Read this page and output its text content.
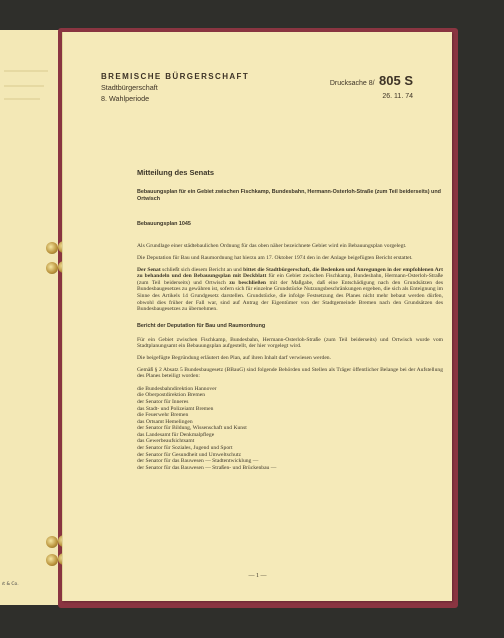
ıt & Co.
BREMISCHE BÜRGERSCHAFT
Stadtbürgerschaft
8. Wahlperiode
Drucksache 8/ 805 S
26. 11. 74
Mitteilung des Senats
Bebauungsplan für ein Gebiet zwischen Fischkamp, Bundesbahn, Hermann-Osterloh-Straße (zum Teil beiderseits) und Ortwisch
Bebauungsplan 1045

Als Grundlage einer städtebaulichen Ordnung für das oben näher bezeichnete Gebiet wird ein Bebauungsplan vorgelegt.

Die Deputation für Bau und Raumordnung hat hierzu am 17. Oktober 1974 den in der Anlage beigefügten Bericht erstattet.

Der Senat schließt sich diesem Bericht an und bittet die Stadtbürgerschaft, die Bedenken und Anregungen in der empfohlenen Art zu behandeln und den Bebauungsplan mit Deckblatt für ein Gebiet zwischen Fischkamp, Bundesbahn, Hermann-Osterloh-Straße (zum Teil beiderseits) und Ortwisch zu beschließen mit der Maßgabe, daß eine Entschädigung nach den Grundsätzen des Bundesbaugesetzes zu gewähren ist, sofern sich für einzelne Grundstücke Nutzungsbeschränkungen ergeben, die sich als Enteignung im Sinne des Artikels 14 Grundgesetz darstellen. Grundstücke, die infolge Festsetzung des Planes nicht mehr bebaut werden dürfen, obwohl dies früher der Fall war, sind auf Antrag der Eigentümer von der Stadtgemeinde Bremen nach den Grundsätzen des Bundesbaugesetzes zu übernehmen.

Bericht der Deputation für Bau und Raumordnung

Für ein Gebiet zwischen Fischkamp, Bundesbahn, Hermann-Osterloh-Straße (zum Teil beiderseits) und Ortwisch wurde vom Stadtplanungsamt ein Bebauungsplan aufgestellt, der hier vorgelegt wird.

Die beigefügte Begründung erläutert den Plan, auf ihren Inhalt darf verwiesen werden.

Gemäß § 2 Absatz 5 Bundesbaugesetz (BBauG) sind folgende Behörden und Stellen als Träger öffentlicher Belange bei der Aufstellung des Planes beteiligt worden:

die Bundesbahndirektion Hannover
die Oberpostdirektion Bremen
der Senator für Inneres
das Stadt- und Polizeiamt Bremen
die Feuerwehr Bremen
das Ortsamt Hemelingen
der Senator für Bildung, Wissenschaft und Kunst
das Landesamt für Denkmalpflege
das Gewerbeaufsichtsamt
der Senator für Soziales, Jugend und Sport
der Senator für Gesundheit und Umweltschutz
der Senator für das Bauwesen — Stadtentwicklung —
der Senator für das Bauwesen — Straßen- und Brückenbau —
— 1 —
